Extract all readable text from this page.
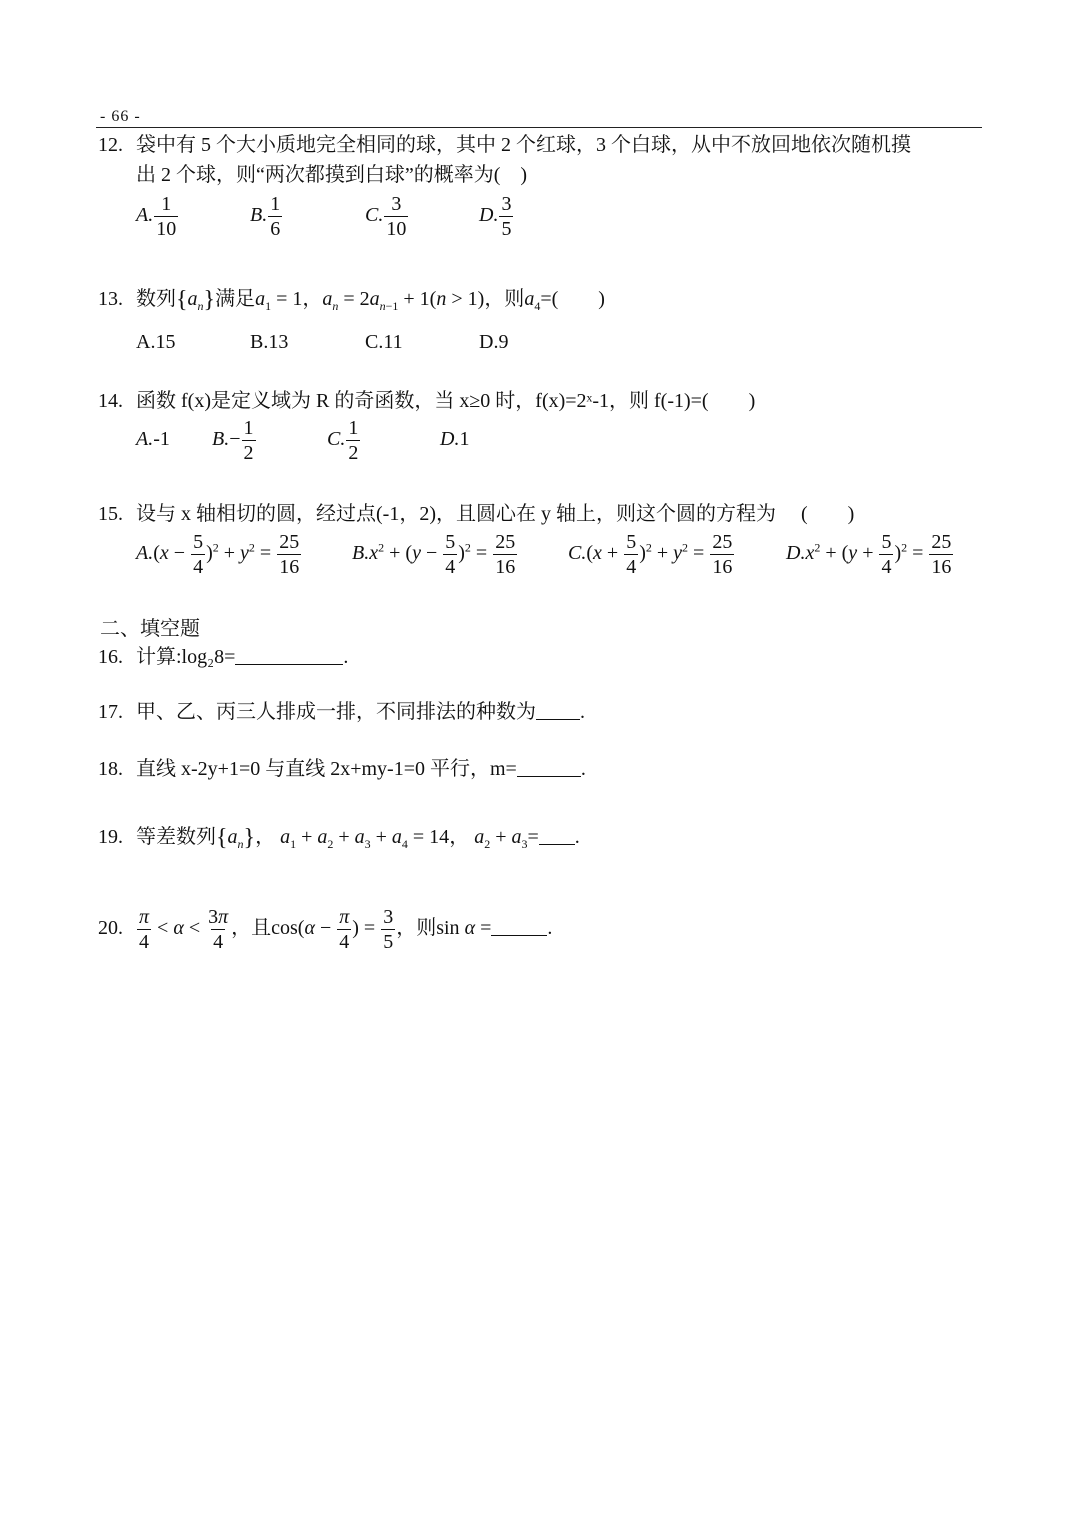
- 66 -
12. 袋中有 5 个大小质地完全相同的球，其中 2 个红球，3 个白球，从中不放回地依次随机摸
出 2 个球，则“两次都摸到白球”的概率为(　)
A. $\frac{1}{10}$	B. $\frac{1}{6}$	C. $\frac{3}{10}$	D. $\frac{3}{5}$
13. 数列$\{a_n\}$满足$a_1 = 1$，$a_n = 2a_{n-1} + 1(n > 1)$，则$a_4=$(　　)
A.15	B.13	C.11	D.9
14. 函数 f(x)是定义域为 R 的奇函数，当 x≥0 时，f(x)=2ˣ-1，则 f(-1)=(　　)
A.-1 $B.- \frac{1}{2}$	C. $\frac{1}{2}$	D.1
15. 设与 x 轴相切的圆，经过点(-1，2)，且圆心在 y 轴上，则这个圆的方程为　 (　　)
$A.(x - \frac{5}{4} )^2 + y^2 = \frac{25}{16}$	$B.x^2 + (y - \frac{5}{4} )^2 = \frac{25}{16}$	$C.(x + \frac{5}{4} )^2 + y^2 = \frac{25}{16}$	$D.x^2 + (y + \frac{5}{4} )^2 = \frac{25}{16}$
二、填空题
16. 计算:log₂8=	.
17. 甲、乙、丙三人排成一排，不同排法的种数为 .
18. 直线 x-2y+1=0 与直线 2x+my-1=0 平行，m=	.
19. 等差数列$\{a_n\}$， $a_1 + a_2 + a_3 + a_4 = 14$， $a_2 + a_3=$ .
20. $\frac{\pi}{4} < \alpha < \frac{3\pi}{4}$ ，且$\cos(\alpha - \frac{\pi}{4}$ ) = $\frac{3}{5}$ ，则sin α =	.
